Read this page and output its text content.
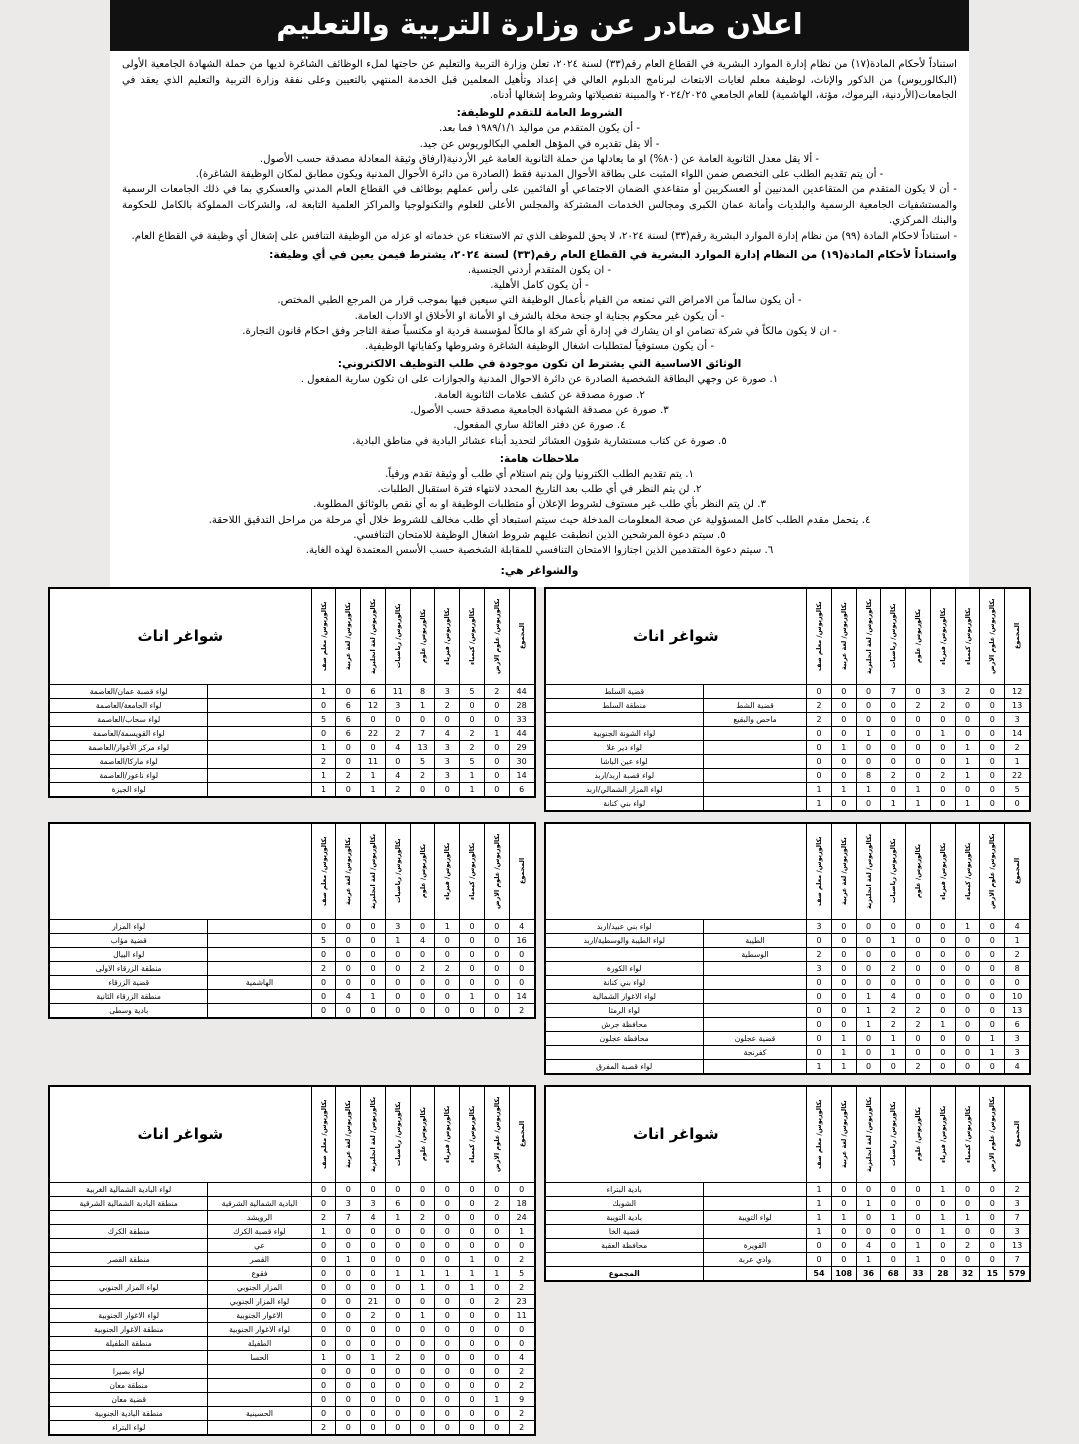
اعلان صادر عن وزارة التربية والتعليم

استناداً لأحكام المادة(١٧) من نظام إدارة الموارد البشرية في القطاع العام رقم(٣٣) لسنة ٢٠٢٤، تعلن وزارة التربية والتعليم عن حاجتها لملء الوظائف الشاغرة لديها من حملة الشهادة الجامعية الأولى (البكالوريوس) من الذكور والإناث، لوظيفة معلم لغايات الابتعاث لبرنامج الدبلوم العالي في إعداد وتأهيل المعلمين قبل الخدمة المنتهي بالتعيين وعلى نفقة وزارة التربية والتعليم الذي يعقد في الجامعات(الأردنية، اليرموك، مؤتة، الهاشمية) للعام الجامعي ٢٠٢٤/٢٠٢٥ والمبينة تفصيلاتها وشروط إشغالها أدناه.

الشروط العامة للتقدم للوظيفة:

- أن يكون المتقدم من مواليد ١٩٨٩/١/١ فما بعد.

- ألا يقل تقديره في المؤهل العلمي البكالوريوس عن جيد.

- ألا يقل معدل الثانوية العامة عن (٨٠%) او ما يعادلها من حملة الثانوية العامة غير الأردنية(ارفاق وثيقة المعادلة مصدقة حسب الأصول.

- أن يتم تقديم الطلب على التخصص ضمن اللواء المثبت على بطاقة الأحوال المدنية فقط (الصادرة من دائرة الأحوال المدنية ويكون مطابق لمكان الوظيفة الشاغرة).

- أن لا يكون المتقدم من المتقاعدين المدنيين أو العسكريين أو متقاعدي الضمان الاجتماعي أو الفائمين على رأس عملهم بوظائف في القطاع العام المدني والعسكري بما في ذلك الجامعات الرسمية والمستشفيات الجامعية الرسمية والبلديات وأمانة عمان الكبرى ومجالس الخدمات المشتركة والمجلس الأعلى للعلوم والتكنولوجيا والمراكز العلمية التابعة له، والشركات المملوكة بالكامل للحكومة والبنك المركزي.

- استناداً لاحكام المادة (٩٩) من نظام إدارة الموارد البشرية رقم(٣٣) لسنة ٢٠٢٤، لا يحق للموظف الذي تم الاستغناء عن خدماته او عزله من الوظيفة التنافس على إشغال أي وظيفة في القطاع العام.

واستناداً لأحكام المادة(١٩) من النظام إدارة الموارد البشرية في القطاع العام رقم(٣٣) لسنة ٢٠٢٤، يشترط فيمن يعين في أي وظيفة:

- ان يكون المتقدم أردني الجنسية.

- أن يكون كامل الأهلية.

- أن يكون سالماً من الامراض التي تمنعه من القيام بأعمال الوظيفة التي سيعين فيها بموجب قرار من المرجع الطبي المختص.

- أن يكون غير محكوم بجناية او جنحة مخلة بالشرف او الأمانة او الأخلاق او الاداب العامة.

- ان لا يكون مالكاً في شركة تضامن او ان يشارك في إدارة أي شركة او مالكاً لمؤسسة فردية او مكتسباً صفة التاجر وفق احكام قانون التجارة.

- أن يكون مستوفياً لمتطلبات اشغال الوظيفة الشاغرة وشروطها وكفاياتها الوظيفية.

الوثائق الاساسية التي يشترط ان تكون موجودة في طلب التوظيف الالكتروني:

١. صورة عن وجهي البطاقة الشخصية الصادرة عن دائرة الاحوال المدنية والجوازات على ان تكون سارية المفعول .

٢. صورة مصدقة عن كشف علامات الثانوية العامة.

٣. صورة عن مصدقة الشهادة الجامعية مصدقة حسب الأصول.

٤. صورة عن دفتر العائلة ساري المفعول.

٥. صورة عن كتاب مستشارية شؤون العشائر لتحديد أبناء عشائر البادية في مناطق البادية.

ملاحظات هامة:

١. يتم تقديم الطلب الكترونيا ولن يتم استلام أي طلب أو وثيقة تقدم ورقياً.

٢. لن يتم النظر في أي طلب بعد التاريخ المحدد لانتهاء فترة استقبال الطلبات.

٣. لن يتم النظر بأي طلب غير مستوف لشروط الإعلان أو متطلبات الوظيفة او به أي نقص بالوثائق المطلوبة.

٤. يتحمل مقدم الطلب كامل المسؤولية عن صحة المعلومات المدخلة حيث سيتم استبعاد أي طلب مخالف للشروط خلال أي مرحلة من مراحل التدقيق اللاحقة.

٥. سيتم دعوة المرشحين الذين انطبقت عليهم شروط اشغال الوظيفة للامتحان التنافسي.

٦. سيتم دعوة المتقدمين الذين اجتازوا الامتحان التنافسي للمقابلة الشخصية حسب الأسس المعتمدة لهذه الغاية.

والشواغر هي:
المجموع	بكالوريوس/ علوم الارض	بكالوريوس/ كيمياء	بكالوريوس/ فيزياء	بكالوريوس/ علوم	بكالوريوس/ رياضيات	بكالوريوس/ لغة انجليزية	بكالوريوس/ لغة عربية	بكالوريوس/ معلم صف	شواغر اناث	
12	0	2	3	0	7	0	0	0		قضية السلط
13	0	0	2	2	0	0	0	2	قضية الشط	منطقة السلط
3	0	0	0	0	0	0	0	2	ماحص والبقيع	
14	0	0	1	0	0	1	0	0		لواء الشونة الجنوبية
2	0	1	0	0	0	0	1	0		لواء دير علا
1	0	1	0	0	0	0	0	0		لواء عين الباشا
22	0	1	2	0	2	8	0	0		لواء قصبة اربد/اربد
5	0	0	0	1	0	1	1	1		لواء المزار الشمالي/اربد
0	0	1	0	1	1	0	0	1		لواء بني كنانة
المجموع	بكالوريوس/ علوم الارض	بكالوريوس/ كيمياء	بكالوريوس/ فيزياء	بكالوريوس/ علوم	بكالوريوس/ رياضيات	بكالوريوس/ لغة انجليزية	بكالوريوس/ لغة عربية	بكالوريوس/ معلم صف	شواغر اناث	
44	2	5	3	8	11	6	0	1		لواء قصبة عمان/العاصمة
28	0	0	2	1	3	12	6	0		لواء الجامعة/العاصمة
33	0	0	0	0	0	0	6	5		لواء سحاب/العاصمة
44	1	2	4	7	2	22	6	0		لواء القويسمة/العاصمة
29	0	2	3	13	4	0	0	1		لواء مركز الأغوار/العاصمة
30	0	5	3	5	0	11	0	2		لواء ماركا/العاصمة
14	0	1	3	2	4	1	2	1		لواء ناعور/العاصمة
6	0	1	0	0	2	1	0	1		لواء الجيزة
المجموع	بكالوريوس/ علوم الارض	بكالوريوس/ كيمياء	بكالوريوس/ فيزياء	بكالوريوس/ علوم	بكالوريوس/ رياضيات	بكالوريوس/ لغة انجليزية	بكالوريوس/ لغة عربية	بكالوريوس/ معلم صف		

4	0	1	0	0	0	0	0	3		لواء بني عبيد/اربد
1	0	0	0	0	1	0	0	0	الطيبة	لواء الطيبة والوسطية/اربد
2	0	0	0	0	0	0	0	2	الوسطية	
8	0	0	0	0	2	0	0	3		لواء الكورة
0	0	0	0	0	0	0	0	0		لواء بني كنانة
10	0	0	0	0	4	1	0	0		لواء الاغوار الشمالية
13	0	0	0	2	2	1	0	0		لواء الرمثا
6	0	0	1	2	2	1	0	0		محافظة جرش
3	1	0	0	0	1	0	1	0	قضية عجلون	محافظة عجلون
3	1	0	0	0	1	0	1	0	كفرنجة	
4	0	0	0	2	0	0	1	1		لواء قصبة المفرق
المجموع	بكالوريوس/ علوم الارض	بكالوريوس/ كيمياء	بكالوريوس/ فيزياء	بكالوريوس/ علوم	بكالوريوس/ رياضيات	بكالوريوس/ لغة انجليزية	بكالوريوس/ لغة عربية	بكالوريوس/ معلم صف		

4	0	0	1	0	3	0	0	0		لواء المزار
16	0	0	0	4	1	0	0	5		قضية مؤاب
0	0	0	0	0	0	0	0	0		لواء الييال
0	0	0	2	2	0	0	0	2		منطقة الزرقاء الاولى
0	0	0	0	0	0	0	0	0	الهاشمية	قضية الزرقاء
14	0	1	0	0	0	1	4	0		منطقة الزرقاء الثانية
2	0	0	0	0	0	0	0	0		بادية وسطى
المجموع	بكالوريوس/ علوم الارض	بكالوريوس/ كيمياء	بكالوريوس/ فيزياء	بكالوريوس/ علوم	بكالوريوس/ رياضيات	بكالوريوس/ لغة انجليزية	بكالوريوس/ لغة عربية	بكالوريوس/ معلم صف	شواغر اناث	
2	0	0	1	0	0	0	0	1		بادية البتراء
3	0	0	0	0	0	1	0	1		الشوبك
7	0	1	1	0	1	0	1	1	لواء التويبة	بادية التويبة
3	0	0	1	0	0	0	0	1		قضية الخا
13	0	2	0	1	0	4	0	0	القويرة	محافظة العقبة
7	0	0	0	1	0	1	0	0	وادي عربة	
579	15	32	28	33	68	36	108	54		المجموع
المجموع	بكالوريوس/ علوم الارض	بكالوريوس/ كيمياء	بكالوريوس/ فيزياء	بكالوريوس/ علوم	بكالوريوس/ رياضيات	بكالوريوس/ لغة انجليزية	بكالوريوس/ لغة عربية	بكالوريوس/ معلم صف	شواغر اناث	
0	0	0	0	0	0	0	0	0		لواء البادية الشمالية الغربية
18	2	0	0	0	6	3	3	0	البادية الشمالية الشرقية	منطقة البادية الشمالية الشرقية
24	0	0	0	2	1	4	7	2	الرويشد	
1	0	0	0	0	0	0	0	1	لواء قصبة الكرك	منطقة الكرك
0	0	0	0	0	0	0	0	0	عي	
2	0	1	0	0	0	0	1	0	القصر	منطقة القصر
5	1	1	1	1	1	0	0	0	فقوع	
2	0	1	0	1	0	0	0	0	المزار الجنوبي	لواء المزار الجنوبي
23	2	0	0	0	0	21	0	0	لواء المزار الجنوبي	
11	0	0	0	1	0	2	0	0	الاغوار الجنوبية	لواء الاغوار الجنوبية
0	0	0	0	0	0	0	0	0	لواء الاغوار الجنوبية	منطقة الاغوار الجنوبية
0	0	0	0	0	0	0	0	0	الطفيلة	منطقة الطفيلة
4	0	0	0	0	2	1	0	1	الحسا	
2	0	0	0	0	0	0	0	0		لواء بصيرا
2	0	0	0	0	0	0	0	0		منطقة معان
9	1	0	0	0	0	0	0	0		قضية معان
2	0	0	0	0	0	0	0	0	الحسينية	منطقة البادية الجنوبية
2	0	0	0	0	0	0	0	2		لواء البتراء
